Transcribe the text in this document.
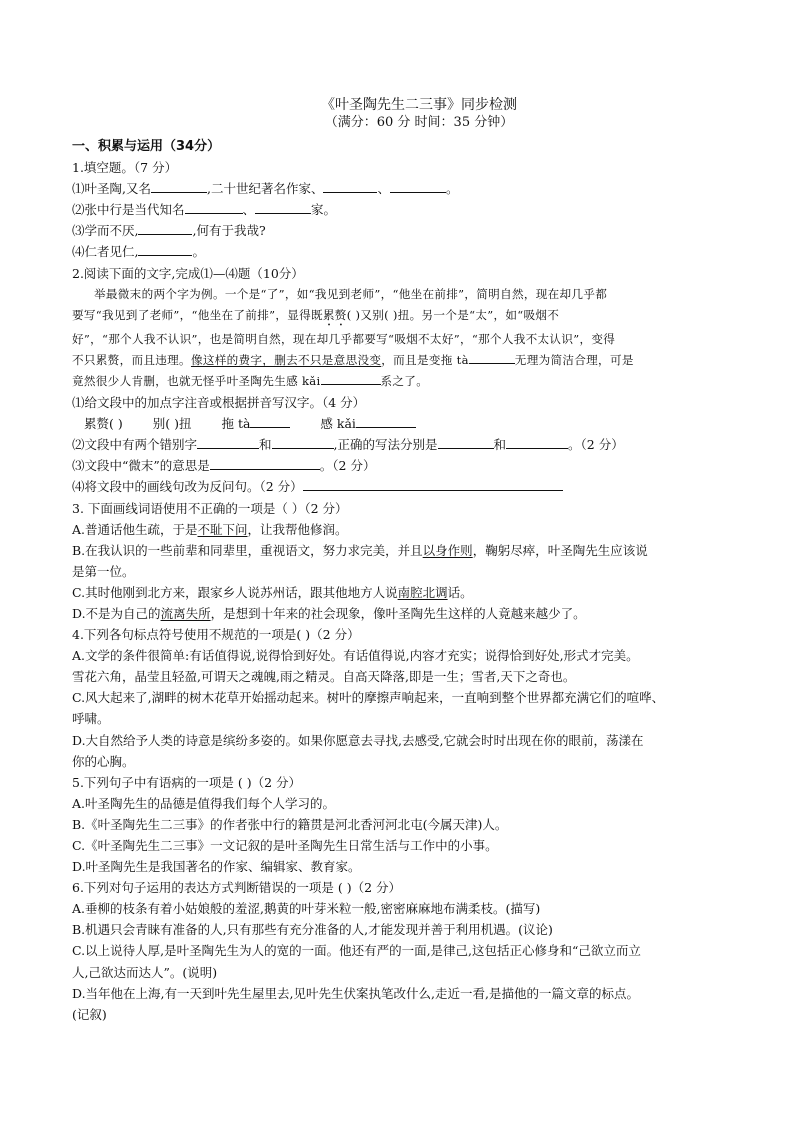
《叶圣陶先生二三事》同步检测
（满分：60 分 时间：35 分钟）
一、积累与运用（34分）
1.填空题。（7 分）
⑴叶圣陶,又名	,二十世纪著名作家、	、	。
⑵张中行是当代知名	、	家。
⑶学而不厌,	,何有于我哉?
⑷仁者见仁,	。
2.阅读下面的文字,完成⑴—⑷题（10分）
举最微末的两个字为例。一个是“了”，如“我见到老师”，“他坐在前排”，简明自然，现在却几乎都
要写“我见到了老师”，“他坐在了前排”，显得既累赘( )又别( )扭。另一个是“太”，如“吸烟不
好”，“那个人我不认识”，也是简明自然，现在却几乎都要写“吸烟不太好”，“那个人我不太认识”，变得
不只累赘，而且违理。像这样的费字，删去不只是意思没变，而且是变拖 tà	无理为简洁合理，可是
竟然很少人肯删，也就无怪乎叶圣陶先生感 kǎi	系之了。
⑴给文段中的加点字注音或根据拼音写汉字。（4 分）
累赘( ) 别( )扭 拖 tà	感 kǎi
⑵文段中有两个错别字	和	,正确的写法分别是	和	。（2 分）
⑶文段中“微末”的意思是	。（2 分）
⑷将文段中的画线句改为反问句。（2 分）
3. 下面画线词语使用不正确的一项是（ ）（2 分）
A.普通话他生疏，于是不耻下问，让我帮他修润。
B.在我认识的一些前辈和同辈里，重视语文，努力求完美，并且以身作则，鞠躬尽瘁，叶圣陶先生应该说
是第一位。
C.其时他刚到北方来，跟家乡人说苏州话，跟其他地方人说南腔北调话。
D.不是为自己的流离失所，是想到十年来的社会现象，像叶圣陶先生这样的人竟越来越少了。
4.下列各句标点符号使用不规范的一项是( )（2 分）
A.文学的条件很简单:有话值得说,说得恰到好处。有话值得说,内容才充实；说得恰到好处,形式才完美。
雪花六角，晶莹且轻盈,可谓天之魂魄,雨之精灵。自高天降落,即是一生；雪者,天下之奇也。
C.风大起来了,湖畔的树木花草开始摇动起来。树叶的摩擦声响起来，一直响到整个世界都充满它们的喧哗、
呼啸。
D.大自然给予人类的诗意是缤纷多姿的。如果你愿意去寻找,去感受,它就会时时出现在你的眼前，荡漾在
你的心胸。
5.下列句子中有语病的一项是 ( )（2 分）
A.叶圣陶先生的品德是值得我们每个人学习的。
B.《叶圣陶先生二三事》的作者张中行的籍贯是河北香河河北屯(今属天津)人。
C.《叶圣陶先生二三事》一文记叙的是叶圣陶先生日常生活与工作中的小事。
D.叶圣陶先生是我国著名的作家、编辑家、教育家。
6.下列对句子运用的表达方式判断错误的一项是 ( )（2 分）
A.垂柳的枝条有着小姑娘般的羞涩,鹅黄的叶芽米粒一般,密密麻麻地布满柔枝。(描写)
B.机遇只会青睐有准备的人,只有那些有充分准备的人,才能发现并善于利用机遇。(议论)
C.以上说待人厚,是叶圣陶先生为人的宽的一面。他还有严的一面,是律己,这包括正心修身和“己欲立而立
人,己欲达而达人”。(说明)
D.当年他在上海,有一天到叶先生屋里去,见叶先生伏案执笔改什么,走近一看,是描他的一篇文章的标点。
(记叙)
